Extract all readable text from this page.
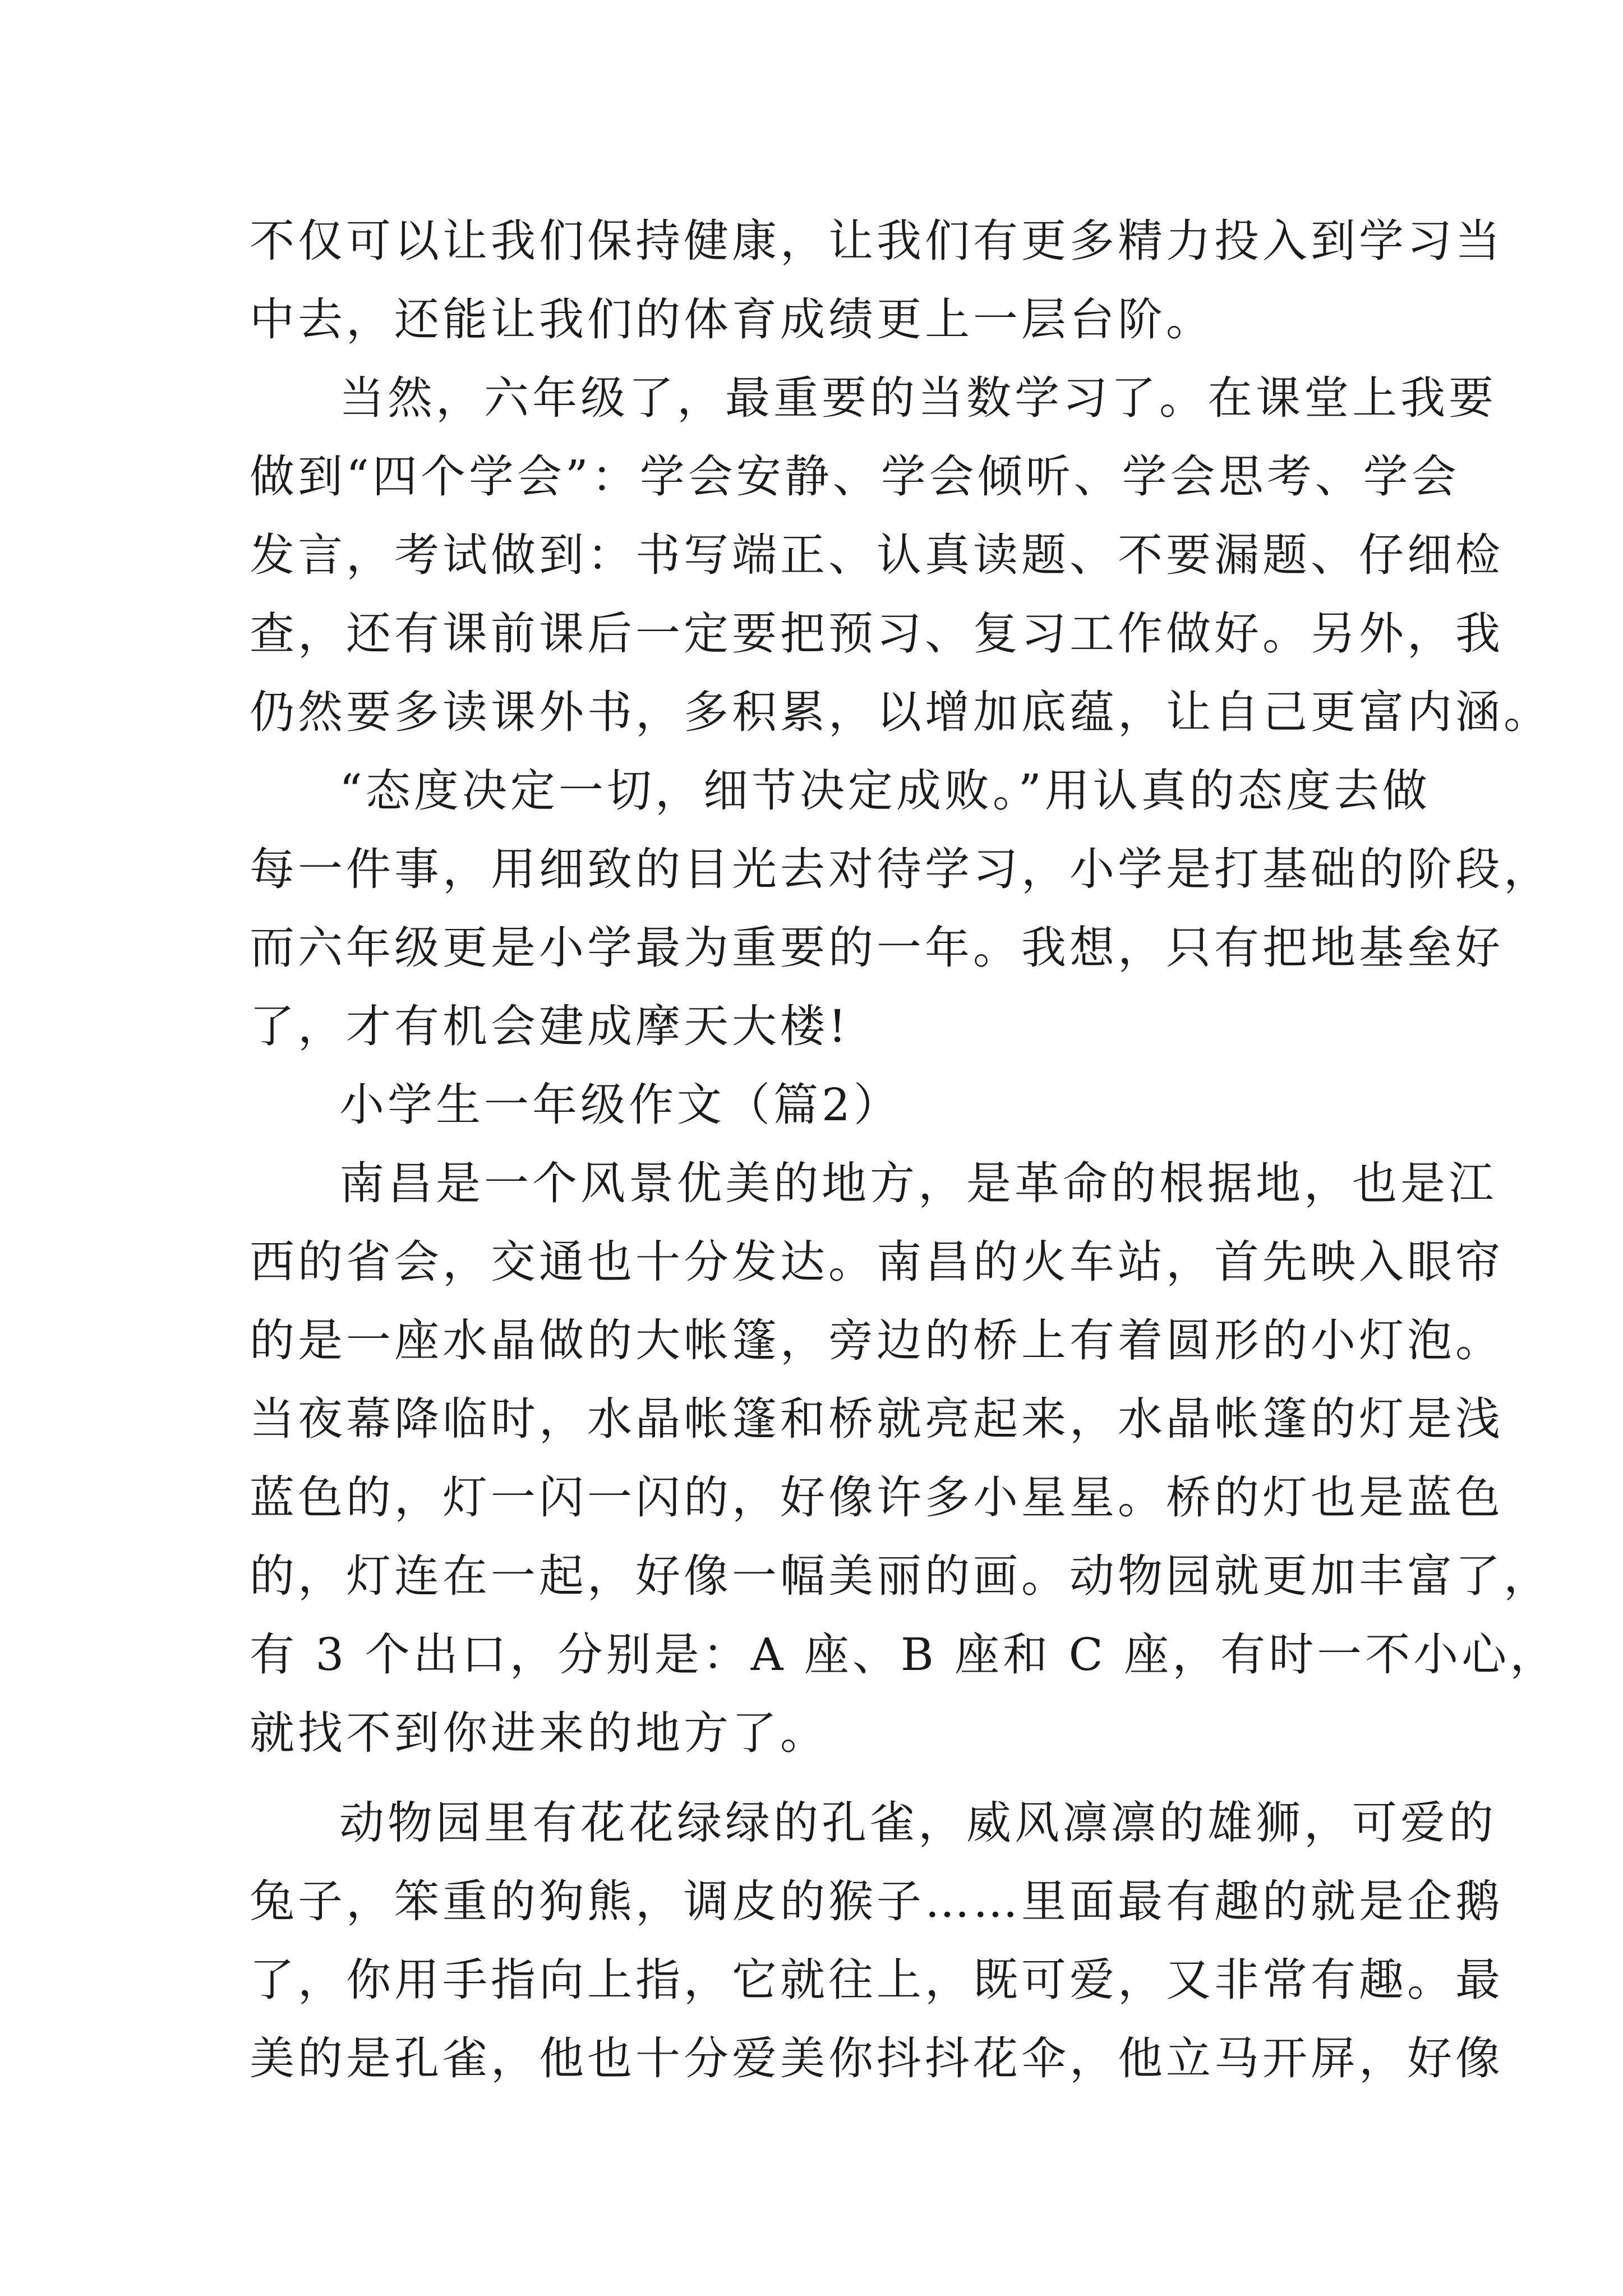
不仅可以让我们保持健康，让我们有更多精力投入到学习当
中去，还能让我们的体育成绩更上一层台阶。
当然，六年级了，最重要的当数学习了。在课堂上我要
做到“四个学会”：学会安静、学会倾听、学会思考、学会
发言，考试做到：书写端正、认真读题、不要漏题、仔细检
查，还有课前课后一定要把预习、复习工作做好。另外，我
仍然要多读课外书，多积累，以增加底蕴，让自己更富内涵。
“态度决定一切，细节决定成败。”用认真的态度去做
每一件事，用细致的目光去对待学习，小学是打基础的阶段，
而六年级更是小学最为重要的一年。我想，只有把地基垒好
了，才有机会建成摩天大楼!
小学生一年级作文（篇2）
南昌是一个风景优美的地方，是革命的根据地，也是江
西的省会，交通也十分发达。南昌的火车站，首先映入眼帘
的是一座水晶做的大帐篷，旁边的桥上有着圆形的小灯泡。
当夜幕降临时，水晶帐篷和桥就亮起来，水晶帐篷的灯是浅
蓝色的，灯一闪一闪的，好像许多小星星。桥的灯也是蓝色
的，灯连在一起，好像一幅美丽的画。动物园就更加丰富了，
有 3 个出口，分别是：A 座、B 座和 C 座，有时一不小心，
就找不到你进来的地方了。
动物园里有花花绿绿的孔雀，威风凛凛的雄狮，可爱的
兔子，笨重的狗熊，调皮的猴子……里面最有趣的就是企鹅
了，你用手指向上指，它就往上，既可爱，又非常有趣。最
美的是孔雀，他也十分爱美你抖抖花伞，他立马开屏，好像
